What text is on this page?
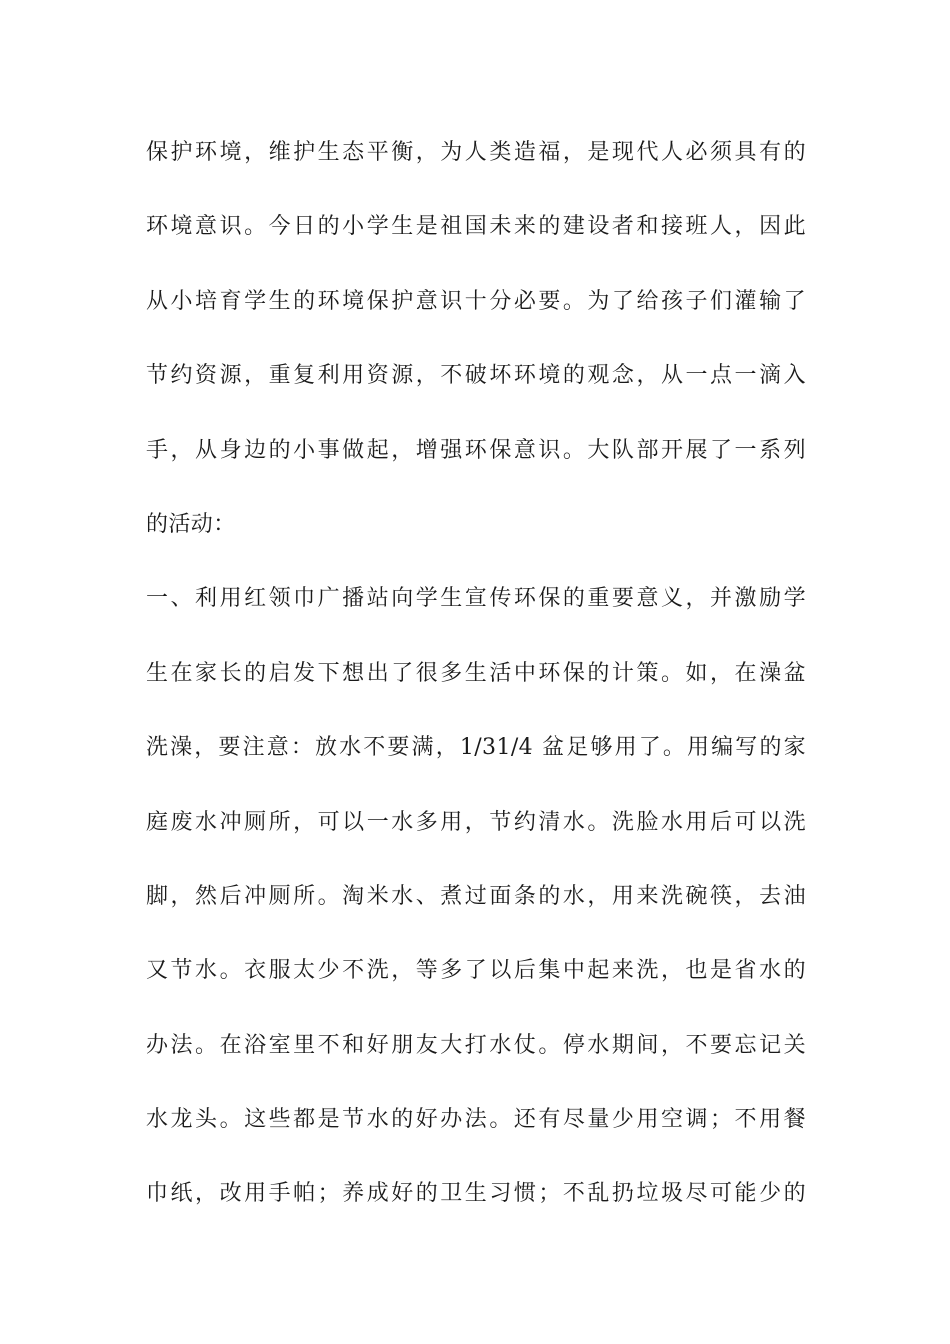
保护环境，维护生态平衡，为人类造福，是现代人必须具有的
环境意识。今日的小学生是祖国未来的建设者和接班人，因此
从小培育学生的环境保护意识十分必要。为了给孩子们灌输了
节约资源，重复利用资源，不破坏环境的观念，从一点一滴入
手，从身边的小事做起，增强环保意识。大队部开展了一系列
的活动：
一、利用红领巾广播站向学生宣传环保的重要意义，并激励学
生在家长的启发下想出了很多生活中环保的计策。如，在澡盆
洗澡，要注意：放水不要满，1/31/4 盆足够用了。用编写的家
庭废水冲厕所，可以一水多用，节约清水。洗脸水用后可以洗
脚，然后冲厕所。淘米水、煮过面条的水，用来洗碗筷，去油
又节水。衣服太少不洗，等多了以后集中起来洗，也是省水的
办法。在浴室里不和好朋友大打水仗。停水期间，不要忘记关
水龙头。这些都是节水的好办法。还有尽量少用空调；不用餐
巾纸，改用手帕；养成好的卫生习惯；不乱扔垃圾尽可能少的
